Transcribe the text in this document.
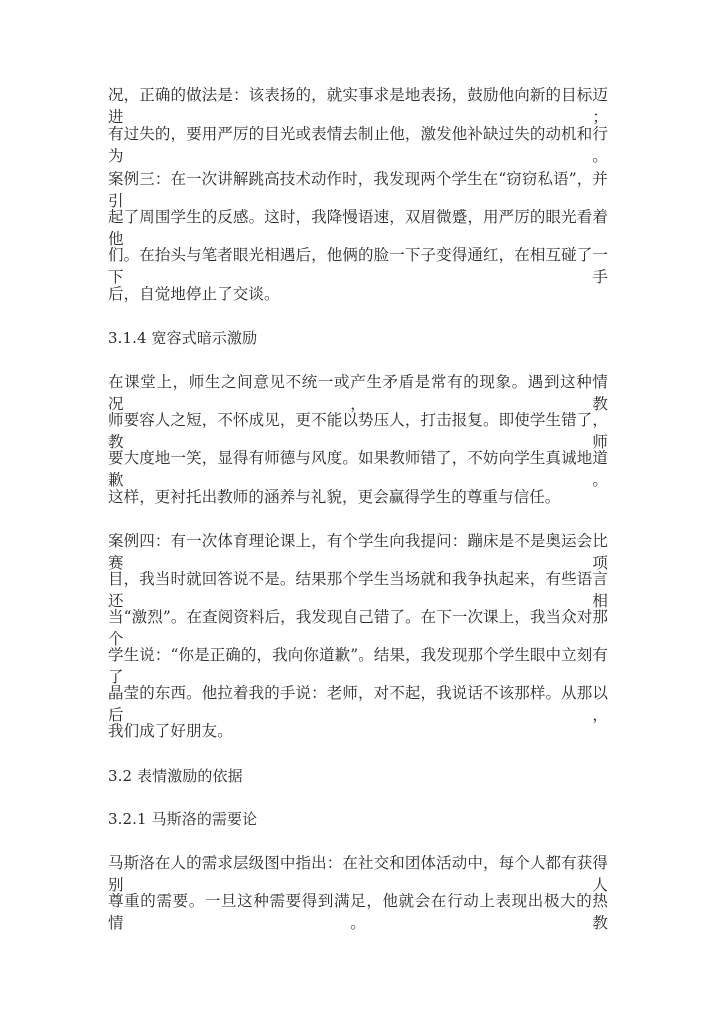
况，正确的做法是：该表扬的，就实事求是地表扬，鼓励他向新的目标迈进；
有过失的，要用严厉的目光或表情去制止他，激发他补缺过失的动机和行为。
案例三：在一次讲解跳高技术动作时，我发现两个学生在“窃窃私语”，并引
起了周围学生的反感。这时，我降慢语速，双眉微蹙，用严厉的眼光看着他
们。在抬头与笔者眼光相遇后，他俩的脸一下子变得通红，在相互碰了一下手
后，自觉地停止了交谈。
3.1.4 宽容式暗示激励
在课堂上，师生之间意见不统一或产生矛盾是常有的现象。遇到这种情况，教
师要容人之短，不怀成见，更不能以势压人，打击报复。即使学生错了，教师
要大度地一笑，显得有师德与风度。如果教师错了，不妨向学生真诚地道歉。
这样，更衬托出教师的涵养与礼貌，更会赢得学生的尊重与信任。
案例四：有一次体育理论课上，有个学生向我提问：蹦床是不是奥运会比赛项
目，我当时就回答说不是。结果那个学生当场就和我争执起来，有些语言还相
当“激烈”。在查阅资料后，我发现自己错了。在下一次课上，我当众对那个
学生说：“你是正确的，我向你道歉”。结果，我发现那个学生眼中立刻有了
晶莹的东西。他拉着我的手说：老师，对不起，我说话不该那样。从那以后，
我们成了好朋友。
3.2 表情激励的依据
3.2.1 马斯洛的需要论
马斯洛在人的需求层级图中指出：在社交和团体活动中，每个人都有获得别人
尊重的需要。一旦这种需要得到满足，他就会在行动上表现出极大的热情。教
